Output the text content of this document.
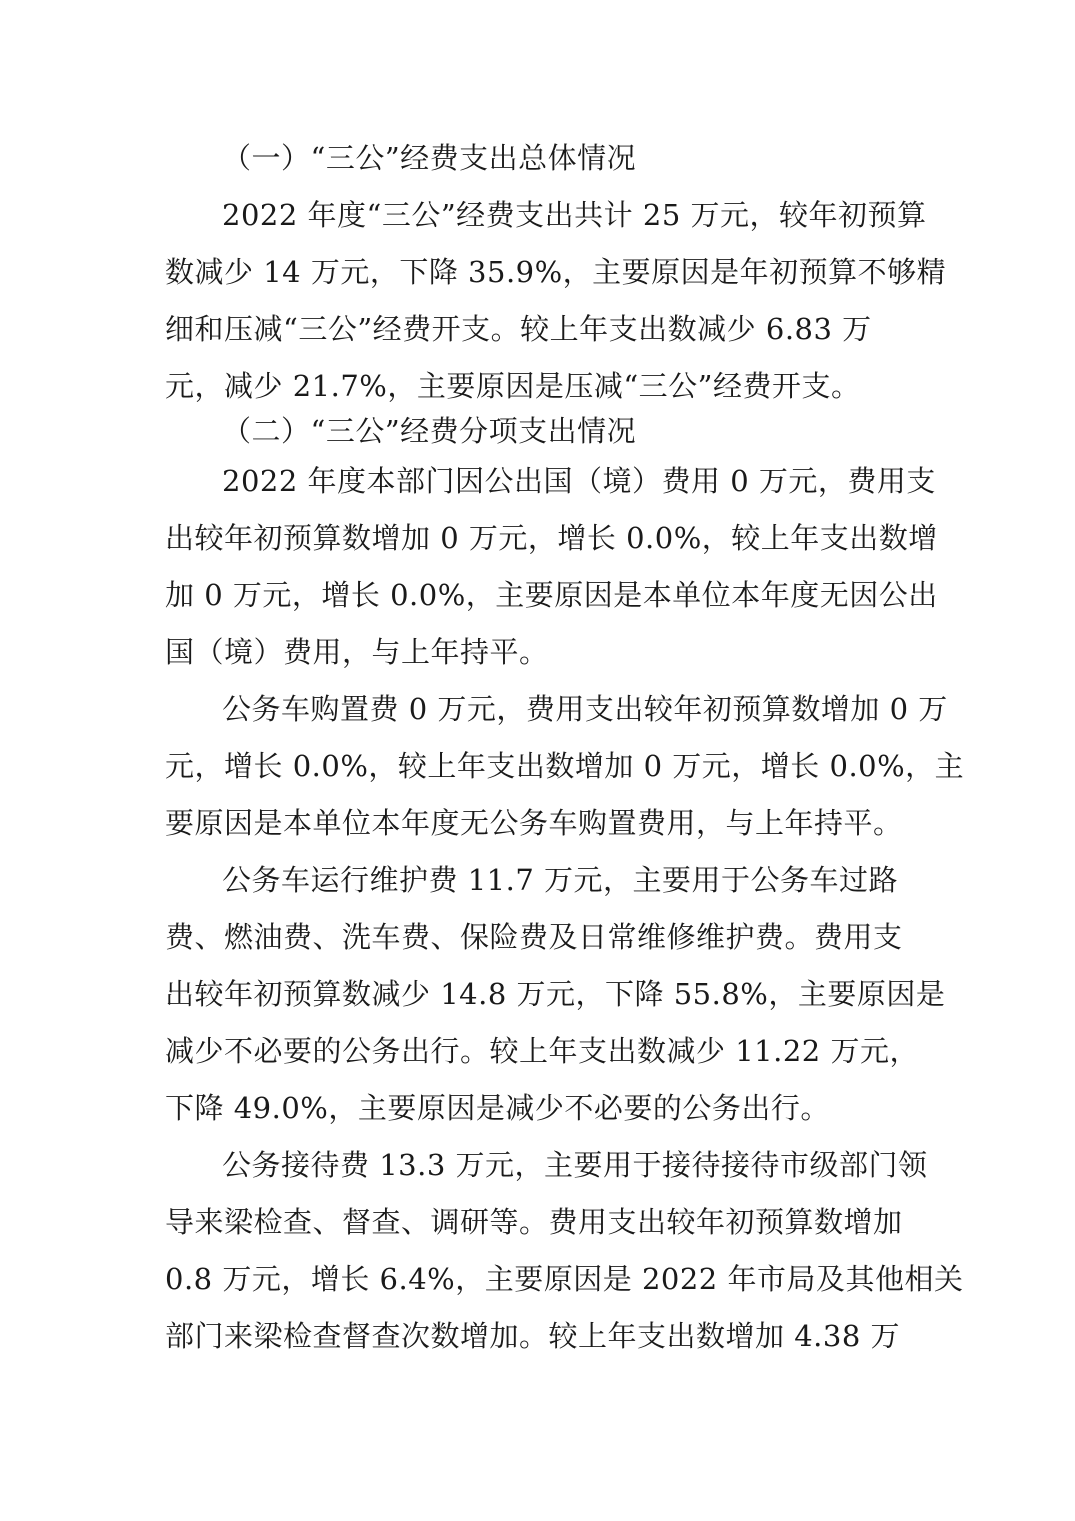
（一）“三公”经费支出总体情况
2022 年度“三公”经费支出共计 25 万元，较年初预算
数减少 14 万元，下降 35.9%，主要原因是年初预算不够精
细和压减“三公”经费开支。较上年支出数减少 6.83 万
元，减少 21.7%，主要原因是压减“三公”经费开支。
（二）“三公”经费分项支出情况
2022 年度本部门因公出国（境）费用 0 万元，费用支
出较年初预算数增加 0 万元，增长 0.0%，较上年支出数增
加 0 万元，增长 0.0%，主要原因是本单位本年度无因公出
国（境）费用，与上年持平。
公务车购置费 0 万元，费用支出较年初预算数增加 0 万
元，增长 0.0%，较上年支出数增加 0 万元，增长 0.0%，主
要原因是本单位本年度无公务车购置费用，与上年持平。
公务车运行维护费 11.7 万元，主要用于公务车过路
费、燃油费、洗车费、保险费及日常维修维护费。费用支
出较年初预算数减少 14.8 万元，下降 55.8%，主要原因是
减少不必要的公务出行。较上年支出数减少 11.22 万元，
下降 49.0%，主要原因是减少不必要的公务出行。
公务接待费 13.3 万元，主要用于接待接待市级部门领
导来梁检查、督查、调研等。费用支出较年初预算数增加
0.8 万元，增长 6.4%，主要原因是 2022 年市局及其他相关
部门来梁检查督查次数增加。较上年支出数增加 4.38 万
